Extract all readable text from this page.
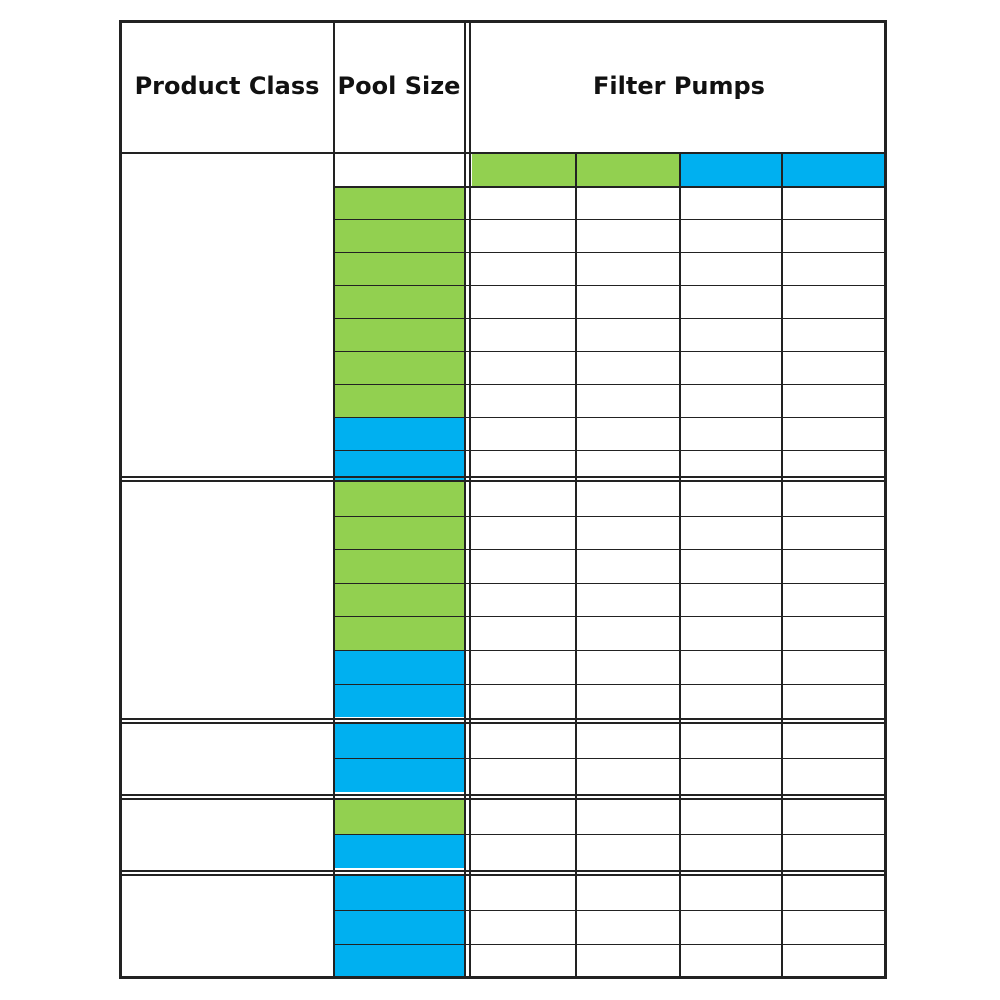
Product Class Pool Size	Filter Pumps
